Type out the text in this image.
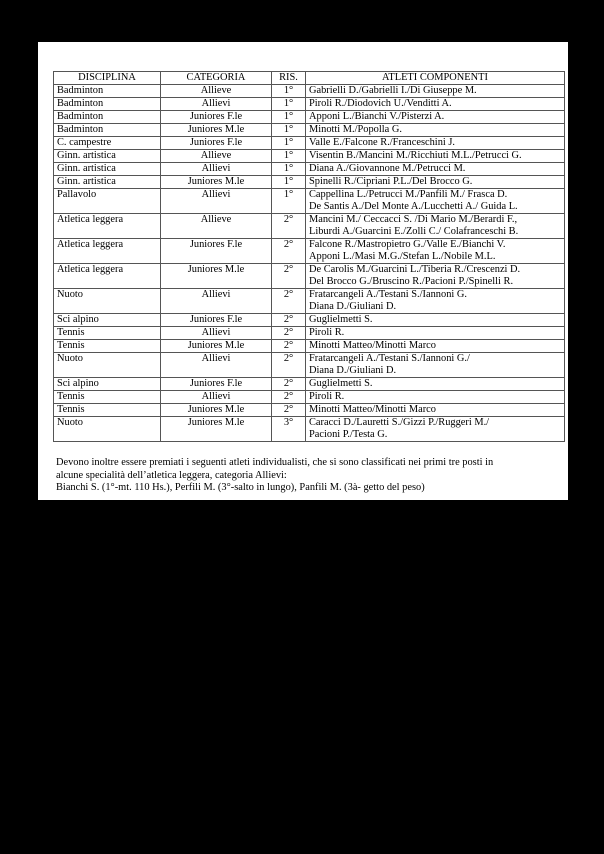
DISCIPLINA	CATEGORIA	RIS.	ATLETI COMPONENTI
Badminton	Allieve	1°	Gabrielli D./Gabrielli I./Di Giuseppe M.

Badminton	Allievi	1°	Piroli R./Diodovich U./Venditti A.

Badminton	Juniores F.le	1°	Apponi L./Bianchi V./Pisterzi A.

Badminton	Juniores M.le	1°	Minotti M./Popolla G.

C. campestre	Juniores F.le	1°	Valle E./Falcone R./Franceschini J.

Ginn. artistica	Allieve	1°	Visentin B./Mancini M./Ricchiuti M.L./Petrucci G.

Ginn. artistica	Allievi	1°	Diana A./Giovannone M./Petrucci M.

Ginn. artistica	Juniores M.le	1°	Spinelli R./Cipriani P.L./Del Brocco G.

Pallavolo	Allievi	1°	Cappellina L./Petrucci M./Panfili M./ Frasca D.
De Santis A./Del Monte A./Lucchetti A./ Guida L.

Atletica leggera	Allieve	2°	Mancini M./ Ceccacci S. /Di Mario M./Berardi F.,
Liburdi A./Guarcini E./Zolli C./ Colafranceschi B.

Atletica leggera	Juniores F.le	2°	Falcone R./Mastropietro G./Valle E./Bianchi V.
Apponi L./Masi M.G./Stefan L./Nobile M.L.

Atletica leggera	Juniores M.le	2°	De Carolis M./Guarcini L./Tiberia R./Crescenzi D.
Del Brocco G./Bruscino R./Pacioni P./Spinelli R.

Nuoto	Allievi	2°	Fratarcangeli A./Testani S./Iannoni G.
Diana D./Giuliani D.

Sci alpino	Juniores F.le	2°	Guglielmetti S.

Tennis	Allievi	2°	Piroli R.

Tennis	Juniores M.le	2°	Minotti Matteo/Minotti Marco

Nuoto	Allievi	2°	Fratarcangeli A./Testani S./Iannoni G./
Diana D./Giuliani D.

Sci alpino	Juniores F.le	2°	Guglielmetti S.

Tennis	Allievi	2°	Piroli R.

Tennis	Juniores M.le	2°	Minotti Matteo/Minotti Marco

Nuoto	Juniores M.le	3°	Caracci D./Lauretti S./Gizzi P./Ruggeri M./
Pacioni P./Testa G.

Devono inoltre essere premiati i seguenti atleti individualisti, che si sono classificati nei primi tre posti in

alcune specialità dell’atletica leggera, categoria Allievi:

Bianchi S. (1°-mt. 110 Hs.), Perfili M. (3°-salto in lungo), Panfili M. (3à- getto del peso)
